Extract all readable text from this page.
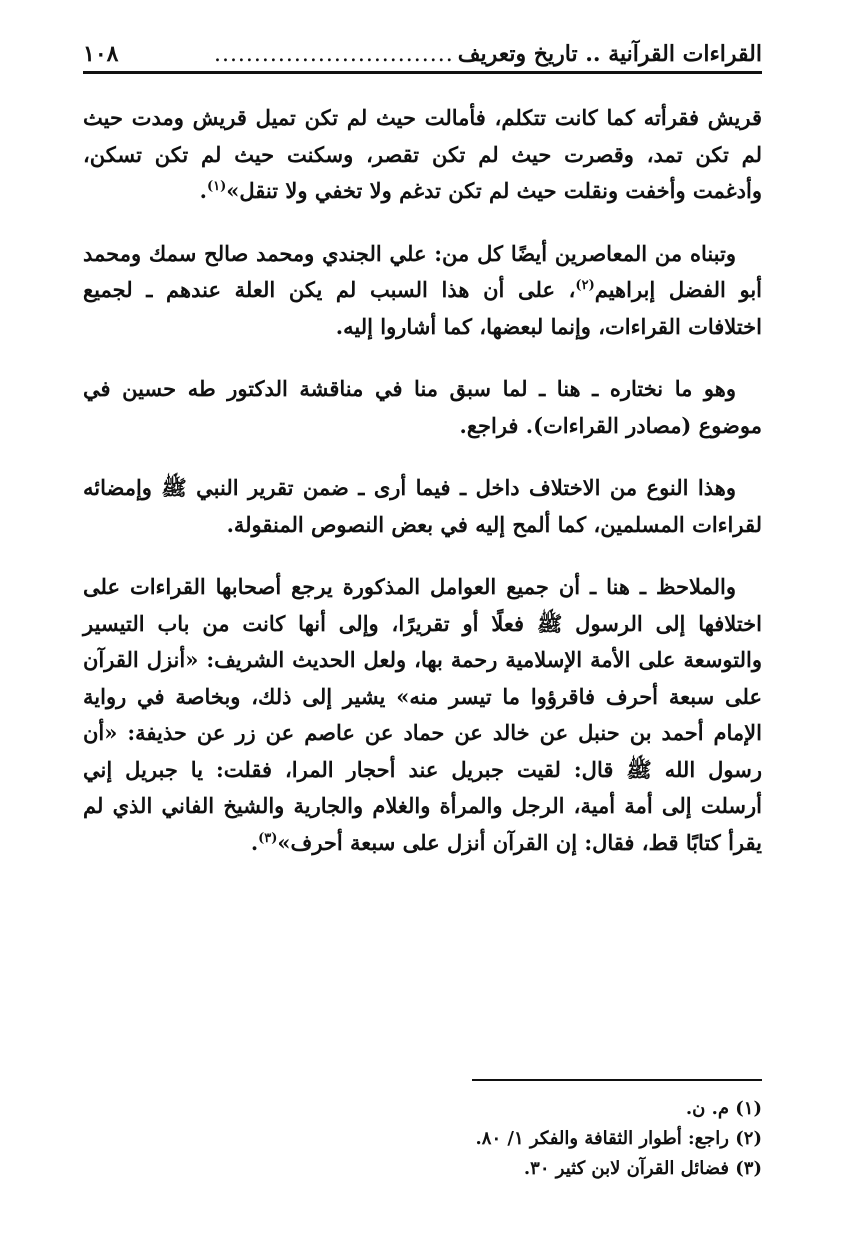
القراءات القرآنية .. تاريخ وتعريف
..............................
١٠٨

قريش فقرأته كما كانت تتكلم، فأمالت حيث لم تكن تميل قريش ومدت حيث لم تكن تمد، وقصرت حيث لم تكن تقصر، وسكنت حيث لم تكن تسكن، وأدغمت وأخفت ونقلت حيث لم تكن تدغم ولا تخفي ولا تنقل»$^{(١)}$.

وتبناه من المعاصرين أيضًا كل من: علي الجندي ومحمد صالح سمك ومحمد أبو الفضل إبراهيم$^{(٢)}$، على أن هذا السبب لم يكن العلة عندهم ـ لجميع اختلافات القراءات، وإنما لبعضها، كما أشاروا إليه.

وهو ما نختاره ـ هنا ـ لما سبق منا في مناقشة الدكتور طه حسين في موضوع (مصادر القراءات). فراجع.

وهذا النوع من الاختلاف داخل ـ فيما أرى ـ ضمن تقرير النبي ﷺ وإمضائه لقراءات المسلمين، كما ألمح إليه في بعض النصوص المنقولة.

والملاحظ ـ هنا ـ أن جميع العوامل المذكورة يرجع أصحابها القراءات على اختلافها إلى الرسول ﷺ فعلًا أو تقريرًا، وإلى أنها كانت من باب التيسير والتوسعة على الأمة الإسلامية رحمة بها، ولعل الحديث الشريف: «أنزل القرآن على سبعة أحرف فاقرؤوا ما تيسر منه» يشير إلى ذلك، وبخاصة في رواية الإمام أحمد بن حنبل عن خالد عن حماد عن عاصم عن زر عن حذيفة: «أن رسول الله ﷺ قال: لقيت جبريل عند أحجار المرا، فقلت: يا جبريل إني أرسلت إلى أمة أمية، الرجل والمرأة والغلام والجارية والشيخ الفاني الذي لم يقرأ كتابًا قط، فقال: إن القرآن أنزل على سبعة أحرف»$^{(٣)}$.

(١) م. ن.
(٢) راجع: أطوار الثقافة والفكر ١/ ٨٠.
(٣) فضائل القرآن لابن كثير ٣٠.
